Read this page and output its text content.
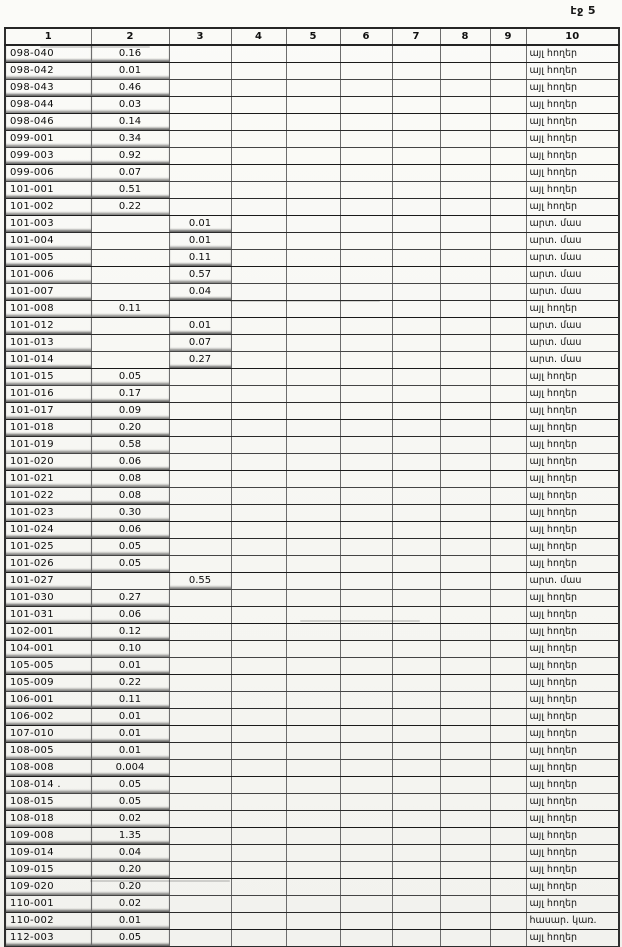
էջ 5
1	2	3	4	5	6	7	8	9	10
098-040	0.16								այլ հողեր
098-042	0.01								այլ հողեր
098-043	0.46								այլ հողեր
098-044	0.03								այլ հողեր
098-046	0.14								այլ հողեր
099-001	0.34								այլ հողեր
099-003	0.92								այլ հողեր
099-006	0.07								այլ հողեր
101-001	0.51								այլ հողեր
101-002	0.22								այլ հողեր
101-003		0.01							արտ. մաս
101-004		0.01							արտ. մաս
101-005		0.11							արտ. մաս
101-006		0.57							արտ. մաս
101-007		0.04							արտ. մաս
101-008	0.11								այլ հողեր
101-012		0.01							արտ. մաս
101-013		0.07							արտ. մաս
101-014		0.27							արտ. մաս
101-015	0.05								այլ հողեր
101-016	0.17								այլ հողեր
101-017	0.09								այլ հողեր
101-018	0.20								այլ հողեր
101-019	0.58								այլ հողեր
101-020	0.06								այլ հողեր
101-021	0.08								այլ հողեր
101-022	0.08								այլ հողեր
101-023	0.30								այլ հողեր
101-024	0.06								այլ հողեր
101-025	0.05								այլ հողեր
101-026	0.05								այլ հողեր
101-027		0.55							արտ. մաս
101-030	0.27								այլ հողեր
101-031	0.06								այլ հողեր
102-001	0.12								այլ հողեր
104-001	0.10								այլ հողեր
105-005	0.01								այլ հողեր
105-009	0.22								այլ հողեր
106-001	0.11								այլ հողեր
106-002	0.01								այլ հողեր
107-010	0.01								այլ հողեր
108-005	0.01								այլ հողեր
108-008	0.004								այլ հողեր
108-014 .	0.05								այլ հողեր
108-015	0.05								այլ հողեր
108-018	0.02								այլ հողեր
109-008	1.35								այլ հողեր
109-014	0.04								այլ հողեր
109-015	0.20								այլ հողեր
109-020	0.20								այլ հողեր
110-001	0.02								այլ հողեր
110-002	0.01								հասար. կառ.
112-003	0.05								այլ հողեր
